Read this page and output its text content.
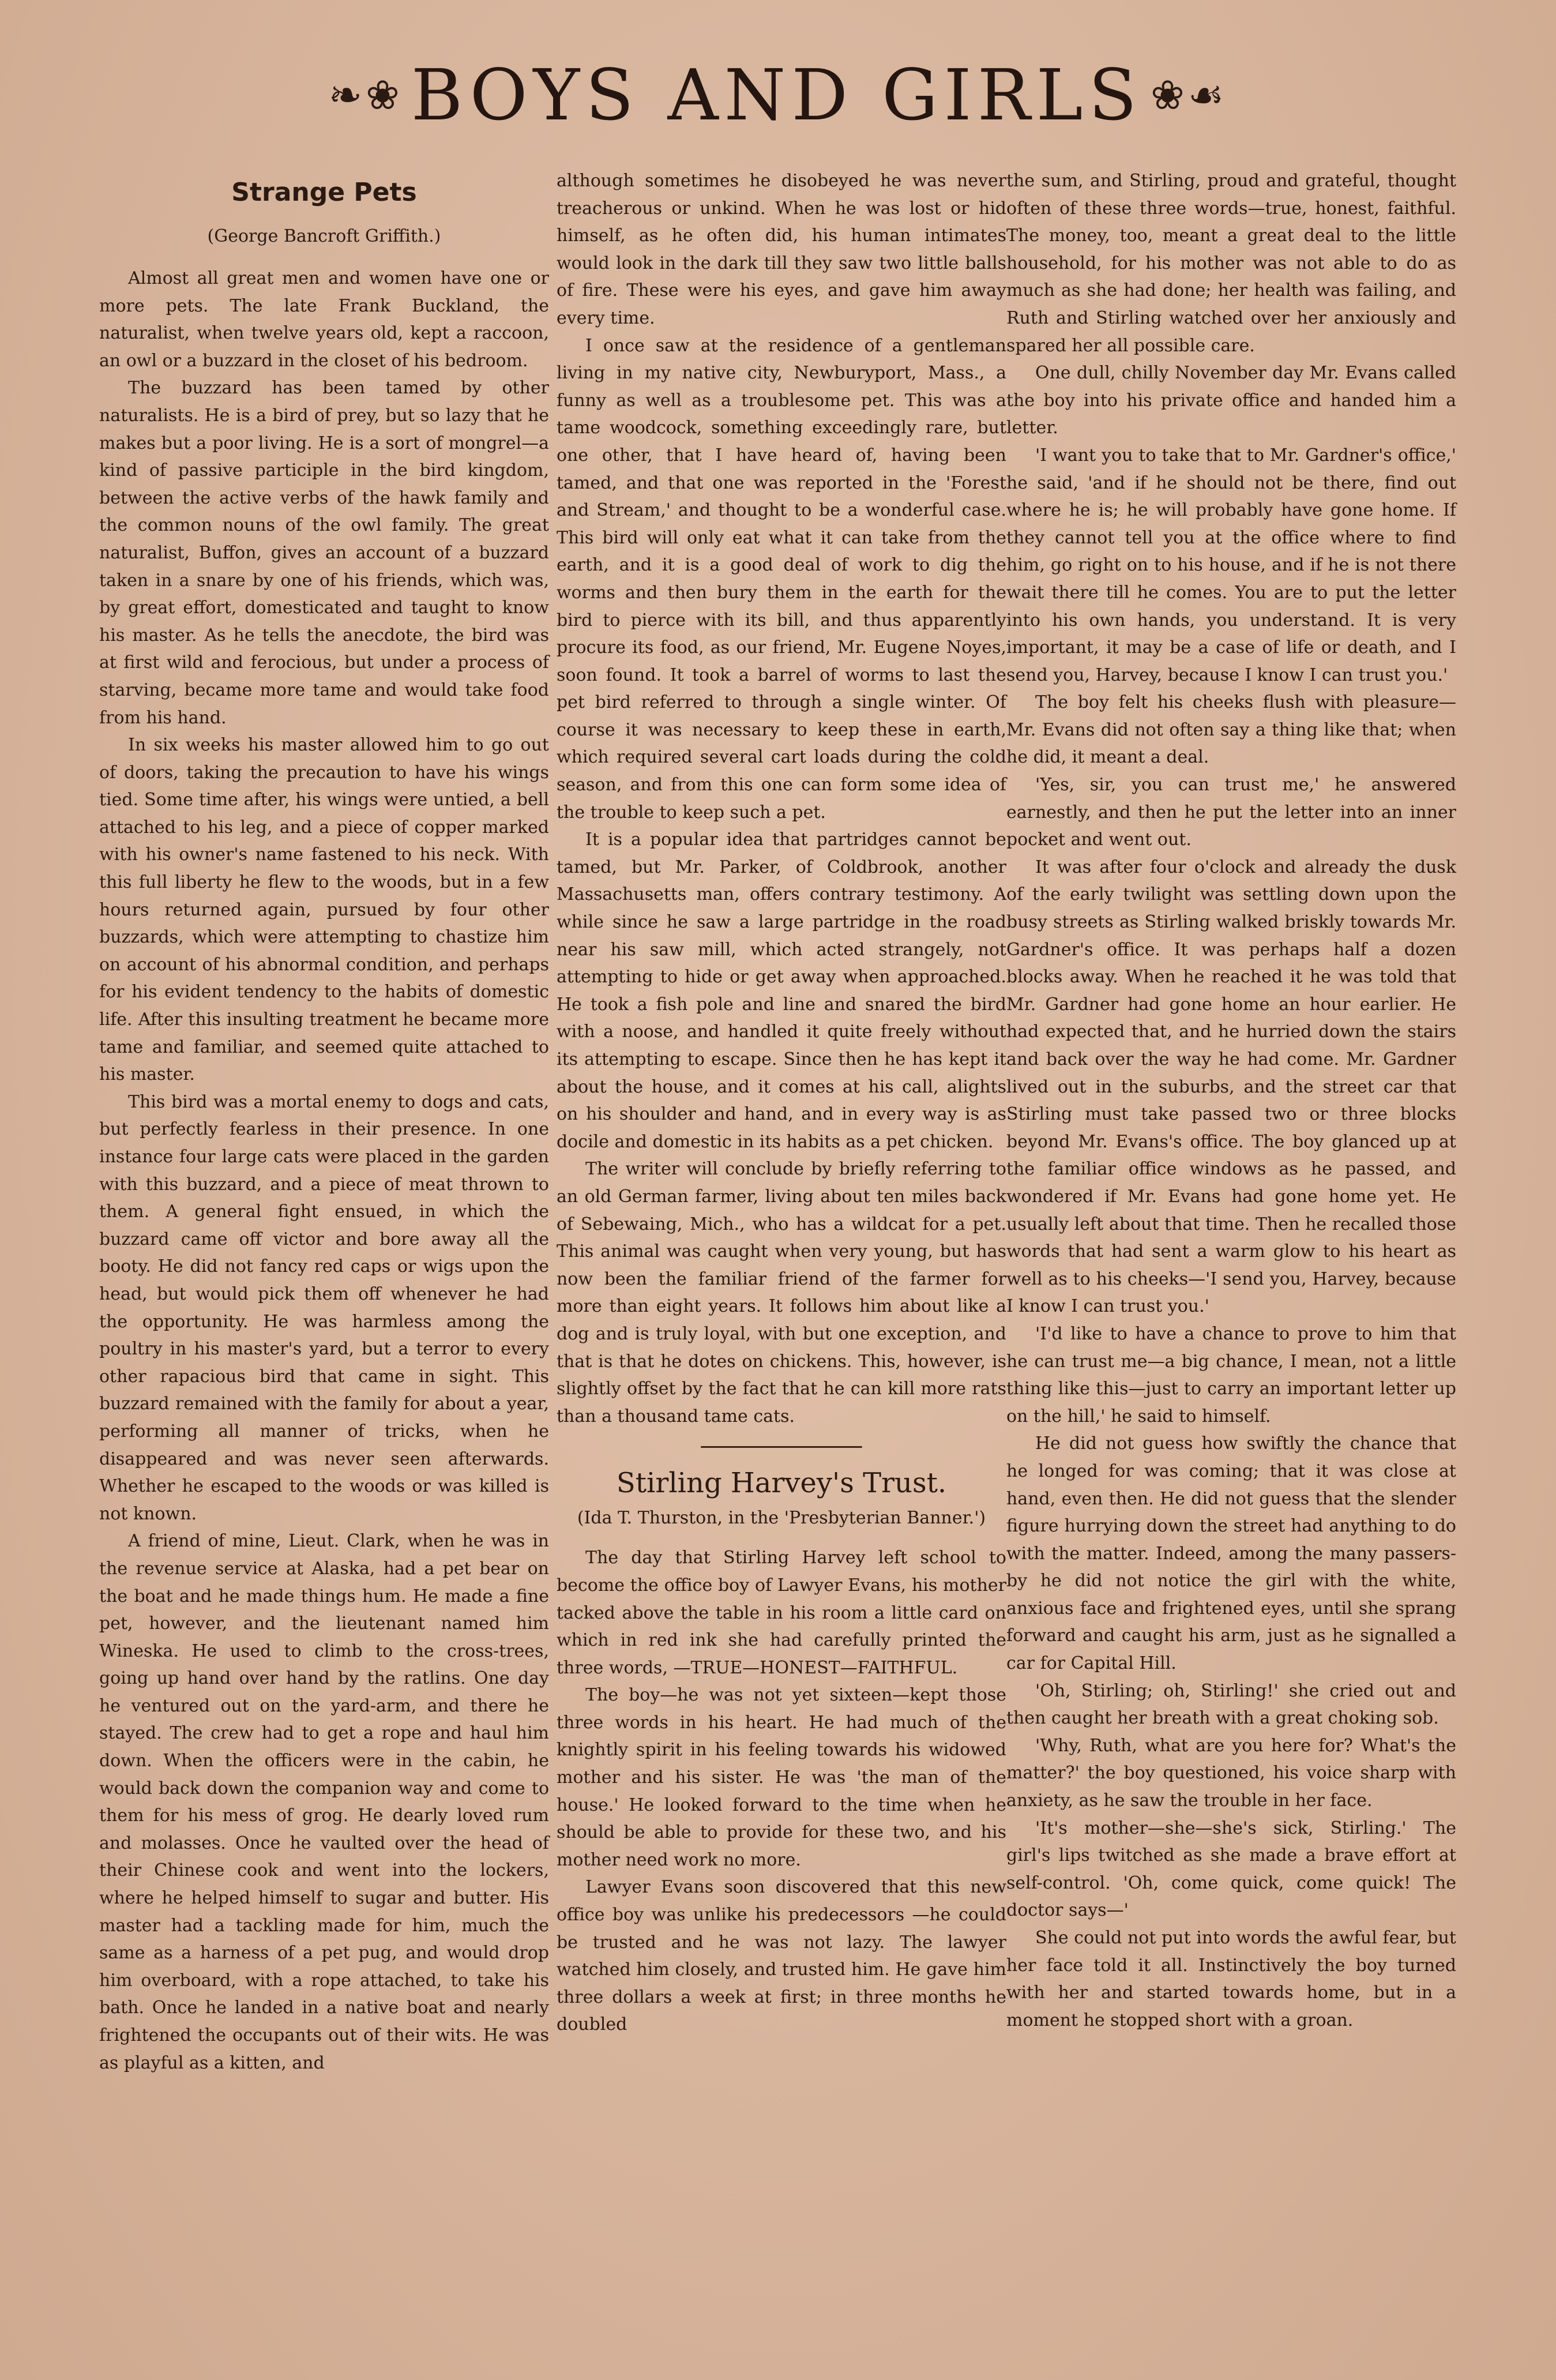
❧❀ BOYS AND GIRLS ❀☙
Strange Pets
(George Bancroft Griffith.)

Almost all great men and women have one or more pets. The late Frank Buckland, the naturalist, when twelve years old, kept a raccoon, an owl or a buzzard in the closet of his bedroom.

The buzzard has been tamed by other naturalists. He is a bird of prey, but so lazy that he makes but a poor living. He is a sort of mongrel—a kind of passive participle in the bird kingdom, between the active verbs of the hawk family and the common nouns of the owl family. The great naturalist, Buffon, gives an account of a buzzard taken in a snare by one of his friends, which was, by great effort, domesticated and taught to know his master. As he tells the anecdote, the bird was at first wild and ferocious, but under a process of starving, became more tame and would take food from his hand.

In six weeks his master allowed him to go out of doors, taking the precaution to have his wings tied. Some time after, his wings were untied, a bell attached to his leg, and a piece of copper marked with his owner's name fastened to his neck. With this full liberty he flew to the woods, but in a few hours returned again, pursued by four other buzzards, which were attempting to chastize him on account of his abnormal condition, and perhaps for his evident tendency to the habits of domestic life. After this insulting treatment he became more tame and familiar, and seemed quite attached to his master.

This bird was a mortal enemy to dogs and cats, but perfectly fearless in their presence. In one instance four large cats were placed in the garden with this buzzard, and a piece of meat thrown to them. A general fight ensued, in which the buzzard came off victor and bore away all the booty. He did not fancy red caps or wigs upon the head, but would pick them off whenever he had the opportunity. He was harmless among the poultry in his master's yard, but a terror to every other rapacious bird that came in sight. This buzzard remained with the family for about a year, performing all manner of tricks, when he disappeared and was never seen afterwards. Whether he escaped to the woods or was killed is not known.

A friend of mine, Lieut. Clark, when he was in the revenue service at Alaska, had a pet bear on the boat and he made things hum. He made a fine pet, however, and the lieutenant named him Wineska. He used to climb to the cross-trees, going up hand over hand by the ratlins. One day he ventured out on the yard-arm, and there he stayed. The crew had to get a rope and haul him down. When the officers were in the cabin, he would back down the companion way and come to them for his mess of grog. He dearly loved rum and molasses. Once he vaulted over the head of their Chinese cook and went into the lockers, where he helped himself to sugar and butter. His master had a tackling made for him, much the same as a harness of a pet pug, and would drop him overboard, with a rope attached, to take his bath. Once he landed in a native boat and nearly frightened the occupants out of their wits. He was as playful as a kitten, and

although sometimes he disobeyed he was never treacherous or unkind. When he was lost or hid himself, as he often did, his human intimates would look in the dark till they saw two little balls of fire. These were his eyes, and gave him away every time.

I once saw at the residence of a gentleman living in my native city, Newburyport, Mass., a funny as well as a troublesome pet. This was a tame woodcock, something exceedingly rare, but one other, that I have heard of, having been tamed, and that one was reported in the 'Forest and Stream,' and thought to be a wonderful case. This bird will only eat what it can take from the earth, and it is a good deal of work to dig the worms and then bury them in the earth for the bird to pierce with its bill, and thus apparently procure its food, as our friend, Mr. Eugene Noyes, soon found. It took a barrel of worms to last the pet bird referred to through a single winter. Of course it was necessary to keep these in earth, which required several cart loads during the cold season, and from this one can form some idea of the trouble to keep such a pet.

It is a popular idea that partridges cannot be tamed, but Mr. Parker, of Coldbrook, another Massachusetts man, offers contrary testimony. A while since he saw a large partridge in the road near his saw mill, which acted strangely, not attempting to hide or get away when approached. He took a fish pole and line and snared the bird with a noose, and handled it quite freely without its attempting to escape. Since then he has kept it about the house, and it comes at his call, alights on his shoulder and hand, and in every way is as docile and domestic in its habits as a pet chicken.

The writer will conclude by briefly referring to an old German farmer, living about ten miles back of Sebewaing, Mich., who has a wildcat for a pet. This animal was caught when very young, but has now been the familiar friend of the farmer for more than eight years. It follows him about like a dog and is truly loyal, with but one exception, and that is that he dotes on chickens. This, however, is slightly offset by the fact that he can kill more rats than a thousand tame cats.

Stirling Harvey's Trust.
(Ida T. Thurston, in the 'Presbyterian Banner.')

The day that Stirling Harvey left school to become the office boy of Lawyer Evans, his mother tacked above the table in his room a little card on which in red ink she had carefully printed the three words, —TRUE—HONEST—FAITHFUL.

The boy—he was not yet sixteen—kept those three words in his heart. He had much of the knightly spirit in his feeling towards his widowed mother and his sister. He was 'the man of the house.' He looked forward to the time when he should be able to provide for these two, and his mother need work no more.

Lawyer Evans soon discovered that this new office boy was unlike his predecessors —he could be trusted and he was not lazy. The lawyer watched him closely, and trusted him. He gave him three dollars a week at first; in three months he doubled

the sum, and Stirling, proud and grateful, thought often of these three words—true, honest, faithful. The money, too, meant a great deal to the little household, for his mother was not able to do as much as she had done; her health was failing, and Ruth and Stirling watched over her anxiously and spared her all possible care.

One dull, chilly November day Mr. Evans called the boy into his private office and handed him a letter.

'I want you to take that to Mr. Gardner's office,' he said, 'and if he should not be there, find out where he is; he will probably have gone home. If they cannot tell you at the office where to find him, go right on to his house, and if he is not there wait there till he comes. You are to put the letter into his own hands, you understand. It is very important, it may be a case of life or death, and I send you, Harvey, because I know I can trust you.'

The boy felt his cheeks flush with pleasure—Mr. Evans did not often say a thing like that; when he did, it meant a deal.

'Yes, sir, you can trust me,' he answered earnestly, and then he put the letter into an inner pocket and went out.

It was after four o'clock and already the dusk of the early twilight was settling down upon the busy streets as Stirling walked briskly towards Mr. Gardner's office. It was perhaps half a dozen blocks away. When he reached it he was told that Mr. Gardner had gone home an hour earlier. He had expected that, and he hurried down the stairs and back over the way he had come. Mr. Gardner lived out in the suburbs, and the street car that Stirling must take passed two or three blocks beyond Mr. Evans's office. The boy glanced up at the familiar office windows as he passed, and wondered if Mr. Evans had gone home yet. He usually left about that time. Then he recalled those words that had sent a warm glow to his heart as well as to his cheeks—'I send you, Harvey, because I know I can trust you.'

'I'd like to have a chance to prove to him that he can trust me—a big chance, I mean, not a little thing like this—just to carry an important letter up on the hill,' he said to himself.

He did not guess how swiftly the chance that he longed for was coming; that it was close at hand, even then. He did not guess that the slender figure hurrying down the street had anything to do with the matter. Indeed, among the many passers-by he did not notice the girl with the white, anxious face and frightened eyes, until she sprang forward and caught his arm, just as he signalled a car for Capital Hill.

'Oh, Stirling; oh, Stirling!' she cried out and then caught her breath with a great choking sob.

'Why, Ruth, what are you here for? What's the matter?' the boy questioned, his voice sharp with anxiety, as he saw the trouble in her face.

'It's mother—she—she's sick, Stirling.' The girl's lips twitched as she made a brave effort at self-control. 'Oh, come quick, come quick! The doctor says—'

She could not put into words the awful fear, but her face told it all. Instinctively the boy turned with her and started towards home, but in a moment he stopped short with a groan.
